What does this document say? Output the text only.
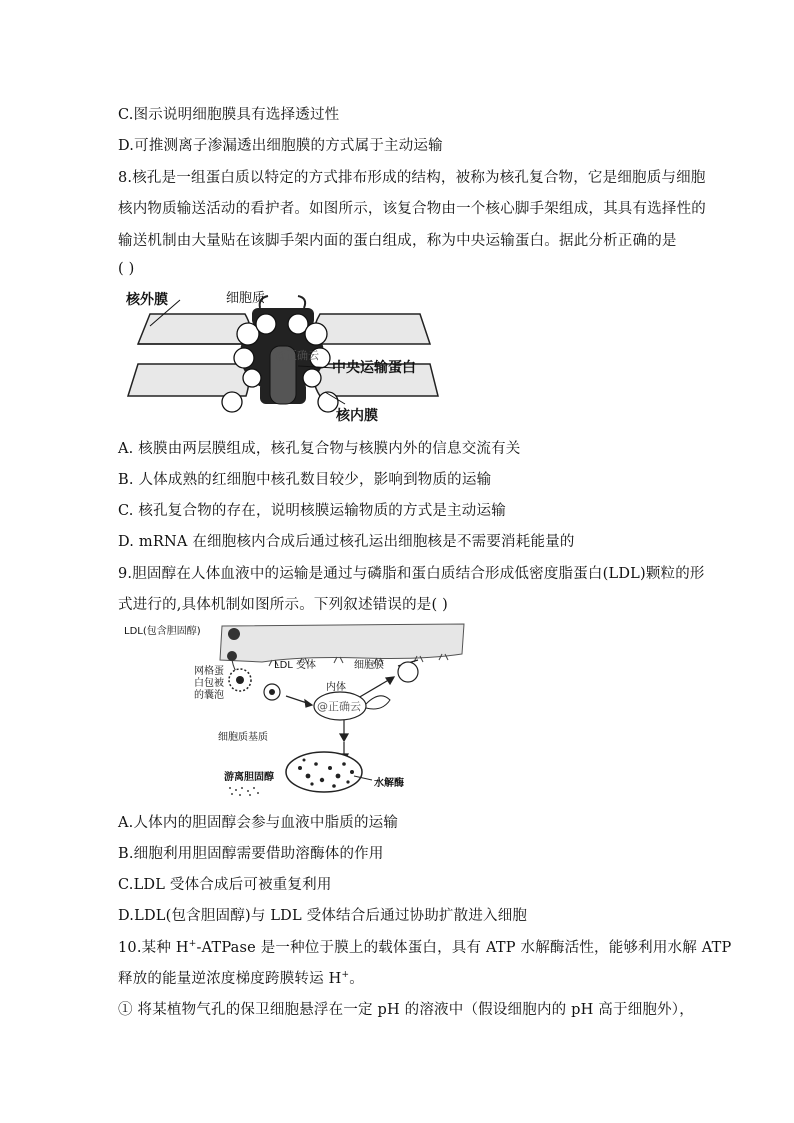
C.图示说明细胞膜具有选择透过性
D.可推测离子渗漏透出细胞膜的方式属于主动运输
8.核孔是一组蛋白质以特定的方式排布形成的结构，被称为核孔复合物，它是细胞质与细胞
核内物质输送活动的看护者。如图所示，该复合物由一个核心脚手架组成，其具有选择性的
输送机制由大量贴在该脚手架内面的蛋白组成，称为中央运输蛋白。据此分析正确的是
( )
核外膜	细胞质
中央运输蛋白
核内膜
@正确云
A. 核膜由两层膜组成，核孔复合物与核膜内外的信息交流有关
B. 人体成熟的红细胞中核孔数目较少，影响到物质的运输
C. 核孔复合物的存在，说明核膜运输物质的方式是主动运输
D. mRNA 在细胞核内合成后通过核孔运出细胞核是不需要消耗能量的
9.胆固醇在人体血液中的运输是通过与磷脂和蛋白质结合形成低密度脂蛋白(LDL)颗粒的形
式进行的,具体机制如图所示。下列叙述错误的是( )
LDL(包含胆固醇)
LDL 受体	细胞膜
网格蛋
白包被
的囊泡
内体
细胞质基质
游离胆固醇
水解酶
@正确云
A.人体内的胆固醇会参与血液中脂质的运输
B.细胞利用胆固醇需要借助溶酶体的作用
C.LDL 受体合成后可被重复利用
D.LDL(包含胆固醇)与 LDL 受体结合后通过协助扩散进入细胞
10.某种 H+-ATPase 是一种位于膜上的载体蛋白，具有 ATP 水解酶活性，能够利用水解 ATP
释放的能量逆浓度梯度跨膜转运 H+。
① 将某植物气孔的保卫细胞悬浮在一定 pH 的溶液中（假设细胞内的 pH 高于细胞外），
